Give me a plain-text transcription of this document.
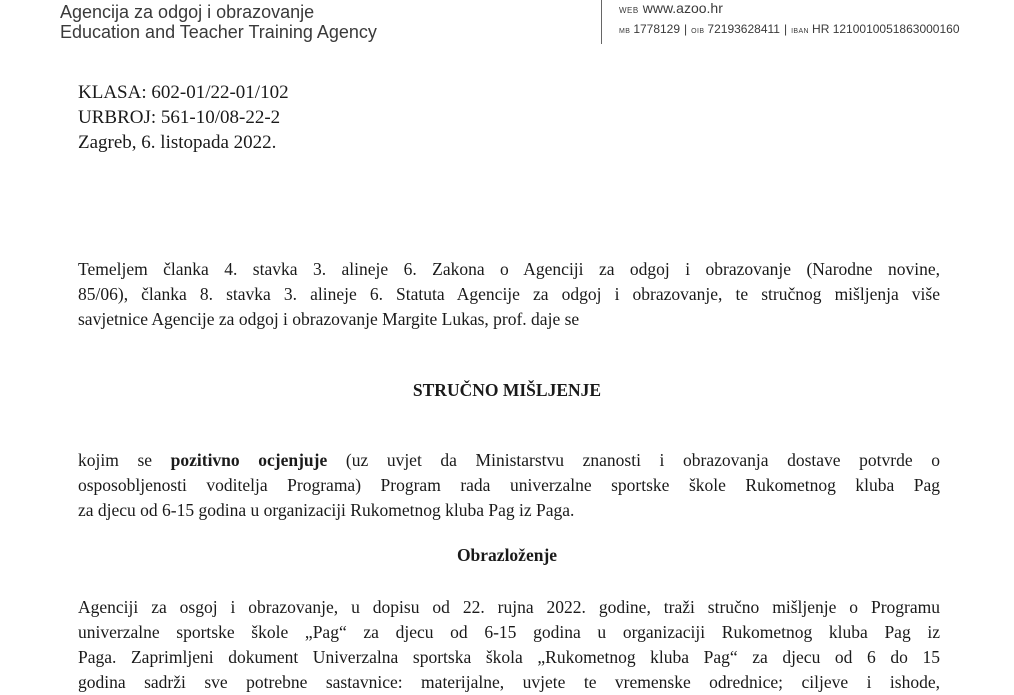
Agencija za odgoj i obrazovanje
Education and Teacher Training Agency
WEB www.azoo.hr
MB 1778129 | OIB 72193628411 | IBAN HR 1210010051863000160
KLASA: 602-01/22-01/102
URBROJ: 561-10/08-22-2
Zagreb, 6. listopada 2022.
Temeljem članka 4. stavka 3. alineje 6. Zakona o Agenciji za odgoj i obrazovanje (Narodne novine,
85/06), članka 8. stavka 3. alineje 6. Statuta Agencije za odgoj i obrazovanje, te stručnog mišljenja više
savjetnice Agencije za odgoj i obrazovanje Margite Lukas, prof. daje se
STRUČNO MIŠLJENJE
kojim se pozitivno ocjenjuje (uz uvjet da Ministarstvu znanosti i obrazovanja dostave potvrde o
osposobljenosti voditelja Programa) Program rada univerzalne sportske škole Rukometnog kluba Pag
za djecu od 6-15 godina u organizaciji Rukometnog kluba Pag iz Paga.
Obrazloženje
Agenciji za osgoj i obrazovanje, u dopisu od 22. rujna 2022. godine, traži stručno mišljenje o Programu
univerzalne sportske škole „Pag“ za djecu od 6-15 godina u organizaciji Rukometnog kluba Pag iz
Paga. Zaprimljeni dokument Univerzalna sportska škola „Rukometnog kluba Pag“ za djecu od 6 do 15
godina sadrži sve potrebne sastavnice: materijalne, uvjete te vremenske odrednice; ciljeve i ishode,
